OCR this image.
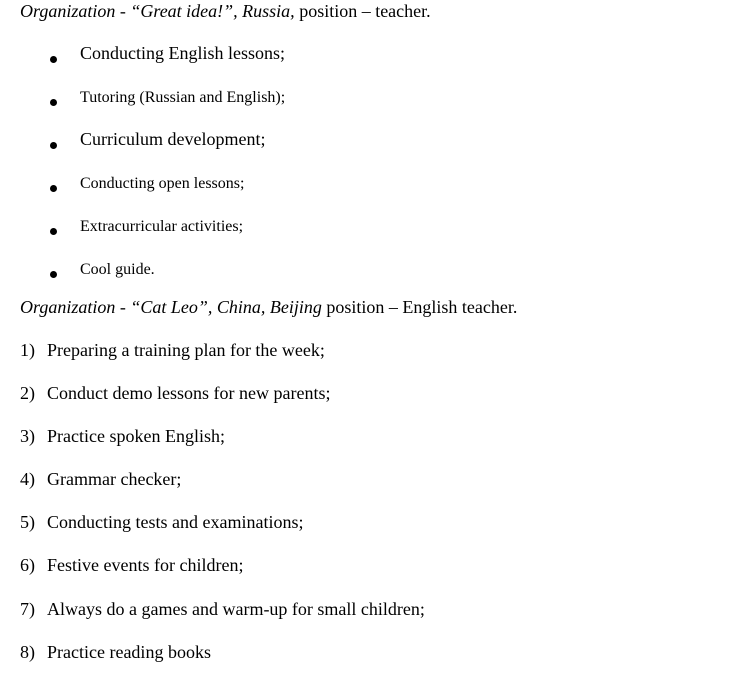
Organization - “Great idea!”, Russia, position – teacher.
Conducting English lessons;
Tutoring (Russian and English);
Curriculum development;
Conducting open lessons;
Extracurricular activities;
Cool guide.
Organization - “Cat Leo”, China, Beijing position – English teacher.
1) Preparing a training plan for the week;
2) Conduct demo lessons for new parents;
3) Practice spoken English;
4) Grammar checker;
5) Conducting tests and examinations;
6) Festive events for children;
7) Always do a games and warm-up for small children;
8) Practice reading books
